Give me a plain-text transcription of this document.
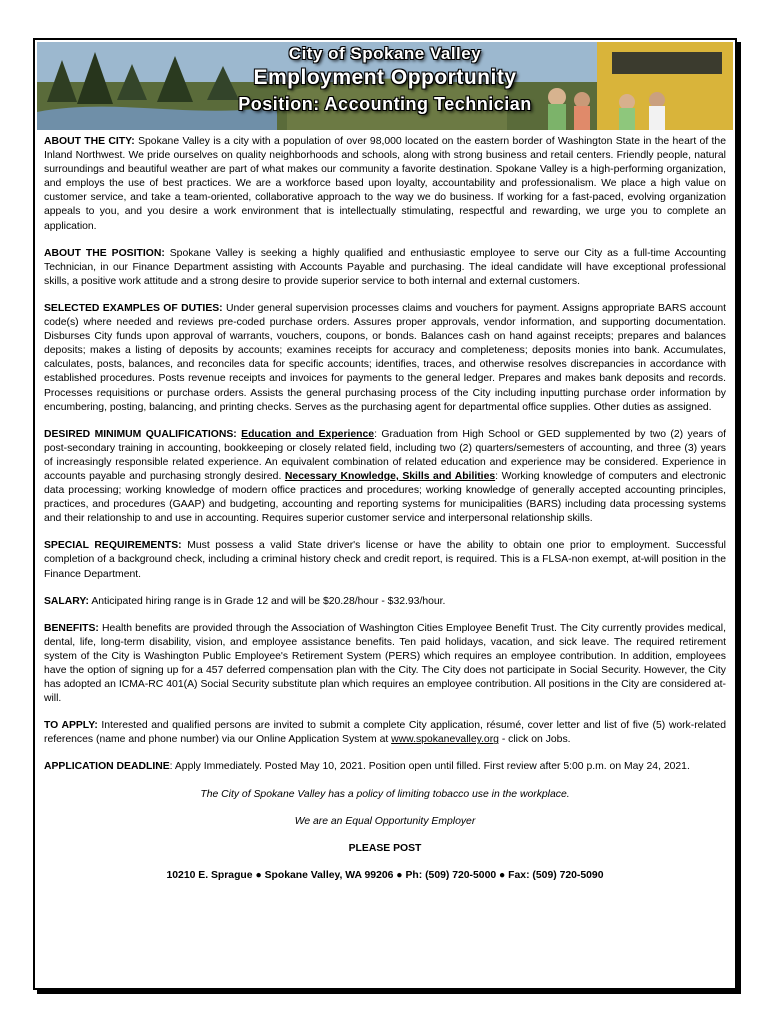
City of Spokane Valley
Employment Opportunity
Position: Accounting Technician

ABOUT THE CITY: Spokane Valley is a city with a population of over 98,000 located on the eastern border of Washington State in the heart of the Inland Northwest. We pride ourselves on quality neighborhoods and schools, along with strong business and retail centers. Friendly people, natural surroundings and beautiful weather are part of what makes our community a favorite destination. Spokane Valley is a high-performing organization, and employs the use of best practices. We are a workforce based upon loyalty, accountability and professionalism. We place a high value on customer service, and take a team-oriented, collaborative approach to the way we do business. If working for a fast-paced, evolving organization appeals to you, and you desire a work environment that is intellectually stimulating, respectful and rewarding, we urge you to complete an application.

ABOUT THE POSITION: Spokane Valley is seeking a highly qualified and enthusiastic employee to serve our City as a full-time Accounting Technician, in our Finance Department assisting with Accounts Payable and purchasing. The ideal candidate will have exceptional professional skills, a positive work attitude and a strong desire to provide superior service to both internal and external customers.

SELECTED EXAMPLES OF DUTIES: Under general supervision processes claims and vouchers for payment. Assigns appropriate BARS account code(s) where needed and reviews pre-coded purchase orders. Assures proper approvals, vendor information, and supporting documentation. Disburses City funds upon approval of warrants, vouchers, coupons, or bonds. Balances cash on hand against receipts; prepares and balances deposits; makes a listing of deposits by accounts; examines receipts for accuracy and completeness; deposits monies into bank. Accumulates, calculates, posts, balances, and reconciles data for specific accounts; identifies, traces, and otherwise resolves discrepancies in accordance with established procedures. Posts revenue receipts and invoices for payments to the general ledger. Prepares and makes bank deposits and records. Processes requisitions or purchase orders. Assists the general purchasing process of the City including inputting purchase order information by encumbering, posting, balancing, and printing checks. Serves as the purchasing agent for departmental office supplies. Other duties as assigned.

DESIRED MINIMUM QUALIFICATIONS: Education and Experience: Graduation from High School or GED supplemented by two (2) years of post-secondary training in accounting, bookkeeping or closely related field, including two (2) quarters/semesters of accounting, and three (3) years of increasingly responsible related experience. An equivalent combination of related education and experience may be considered. Experience in accounts payable and purchasing strongly desired. Necessary Knowledge, Skills and Abilities: Working knowledge of computers and electronic data processing; working knowledge of modern office practices and procedures; working knowledge of generally accepted accounting principles, practices, and procedures (GAAP) and budgeting, accounting and reporting systems for municipalities (BARS) including data processing systems and their relationship to and use in accounting. Requires superior customer service and interpersonal relationship skills.

SPECIAL REQUIREMENTS: Must possess a valid State driver's license or have the ability to obtain one prior to employment. Successful completion of a background check, including a criminal history check and credit report, is required. This is a FLSA-non exempt, at-will position in the Finance Department.

SALARY: Anticipated hiring range is in Grade 12 and will be $20.28/hour - $32.93/hour.

BENEFITS: Health benefits are provided through the Association of Washington Cities Employee Benefit Trust. The City currently provides medical, dental, life, long-term disability, vision, and employee assistance benefits. Ten paid holidays, vacation, and sick leave. The required retirement system of the City is Washington Public Employee's Retirement System (PERS) which requires an employee contribution. In addition, employees have the option of signing up for a 457 deferred compensation plan with the City. The City does not participate in Social Security. However, the City has adopted an ICMA-RC 401(A) Social Security substitute plan which requires an employee contribution. All positions in the City are considered at-will.

TO APPLY: Interested and qualified persons are invited to submit a complete City application, résumé, cover letter and list of five (5) work-related references (name and phone number) via our Online Application System at www.spokanevalley.org - click on Jobs.

APPLICATION DEADLINE: Apply Immediately. Posted May 10, 2021. Position open until filled. First review after 5:00 p.m. on May 24, 2021.

The City of Spokane Valley has a policy of limiting tobacco use in the workplace.

We are an Equal Opportunity Employer

PLEASE POST

10210 E. Sprague ● Spokane Valley, WA 99206 ● Ph: (509) 720-5000 ● Fax: (509) 720-5090
